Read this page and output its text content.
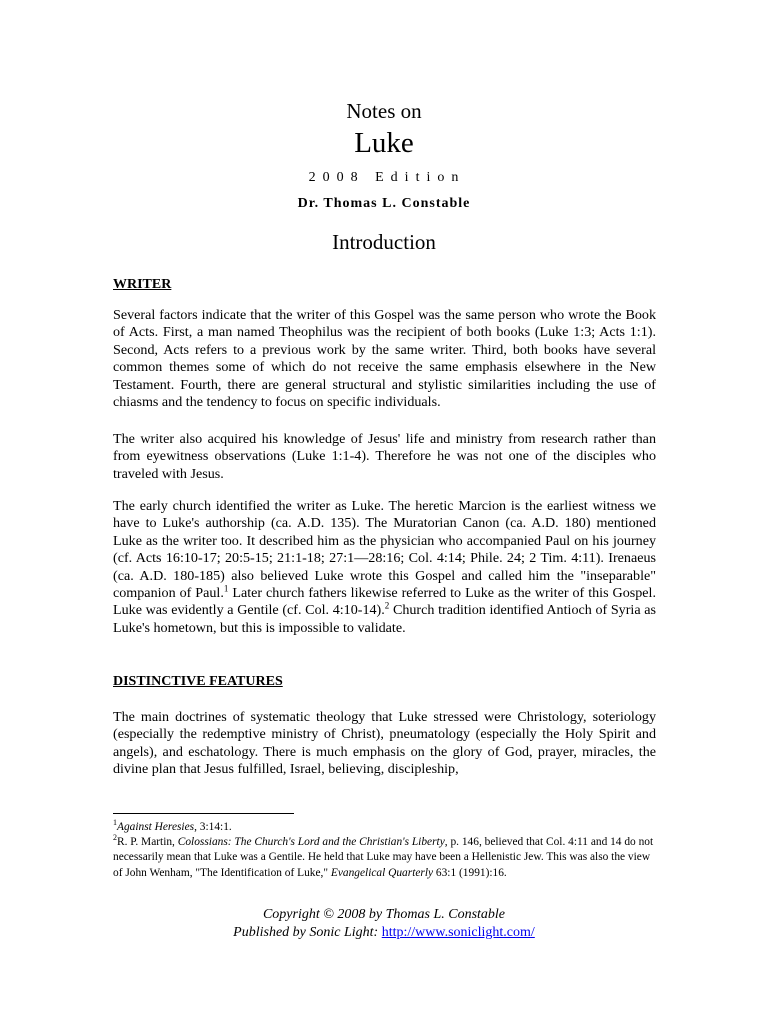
Notes on
Luke
2008 Edition
Dr. Thomas L. Constable
Introduction
WRITER

Several factors indicate that the writer of this Gospel was the same person who wrote the Book of Acts. First, a man named Theophilus was the recipient of both books (Luke 1:3; Acts 1:1). Second, Acts refers to a previous work by the same writer. Third, both books have several common themes some of which do not receive the same emphasis elsewhere in the New Testament. Fourth, there are general structural and stylistic similarities including the use of chiasms and the tendency to focus on specific individuals.

The writer also acquired his knowledge of Jesus' life and ministry from research rather than from eyewitness observations (Luke 1:1-4). Therefore he was not one of the disciples who traveled with Jesus.

The early church identified the writer as Luke. The heretic Marcion is the earliest witness we have to Luke's authorship (ca. A.D. 135). The Muratorian Canon (ca. A.D. 180) mentioned Luke as the writer too. It described him as the physician who accompanied Paul on his journey (cf. Acts 16:10-17; 20:5-15; 21:1-18; 27:1—28:16; Col. 4:14; Phile. 24; 2 Tim. 4:11). Irenaeus (ca. A.D. 180-185) also believed Luke wrote this Gospel and called him the "inseparable" companion of Paul.$^1$ Later church fathers likewise referred to Luke as the writer of this Gospel. Luke was evidently a Gentile (cf. Col. 4:10-14).$^2$ Church tradition identified Antioch of Syria as Luke's hometown, but this is impossible to validate.

DISTINCTIVE FEATURES

The main doctrines of systematic theology that Luke stressed were Christology, soteriology (especially the redemptive ministry of Christ), pneumatology (especially the Holy Spirit and angels), and eschatology. There is much emphasis on the glory of God, prayer, miracles, the divine plan that Jesus fulfilled, Israel, believing, discipleship,

$^1$Against Heresies, 3:14:1.

$^2$R. P. Martin, Colossians: The Church's Lord and the Christian's Liberty, p. 146, believed that Col. 4:11 and 14 do not necessarily mean that Luke was a Gentile. He held that Luke may have been a Hellenistic Jew. This was also the view of John Wenham, "The Identification of Luke," Evangelical Quarterly 63:1 (1991):16.

Copyright © 2008 by Thomas L. Constable
Published by Sonic Light: http://www.soniclight.com/
